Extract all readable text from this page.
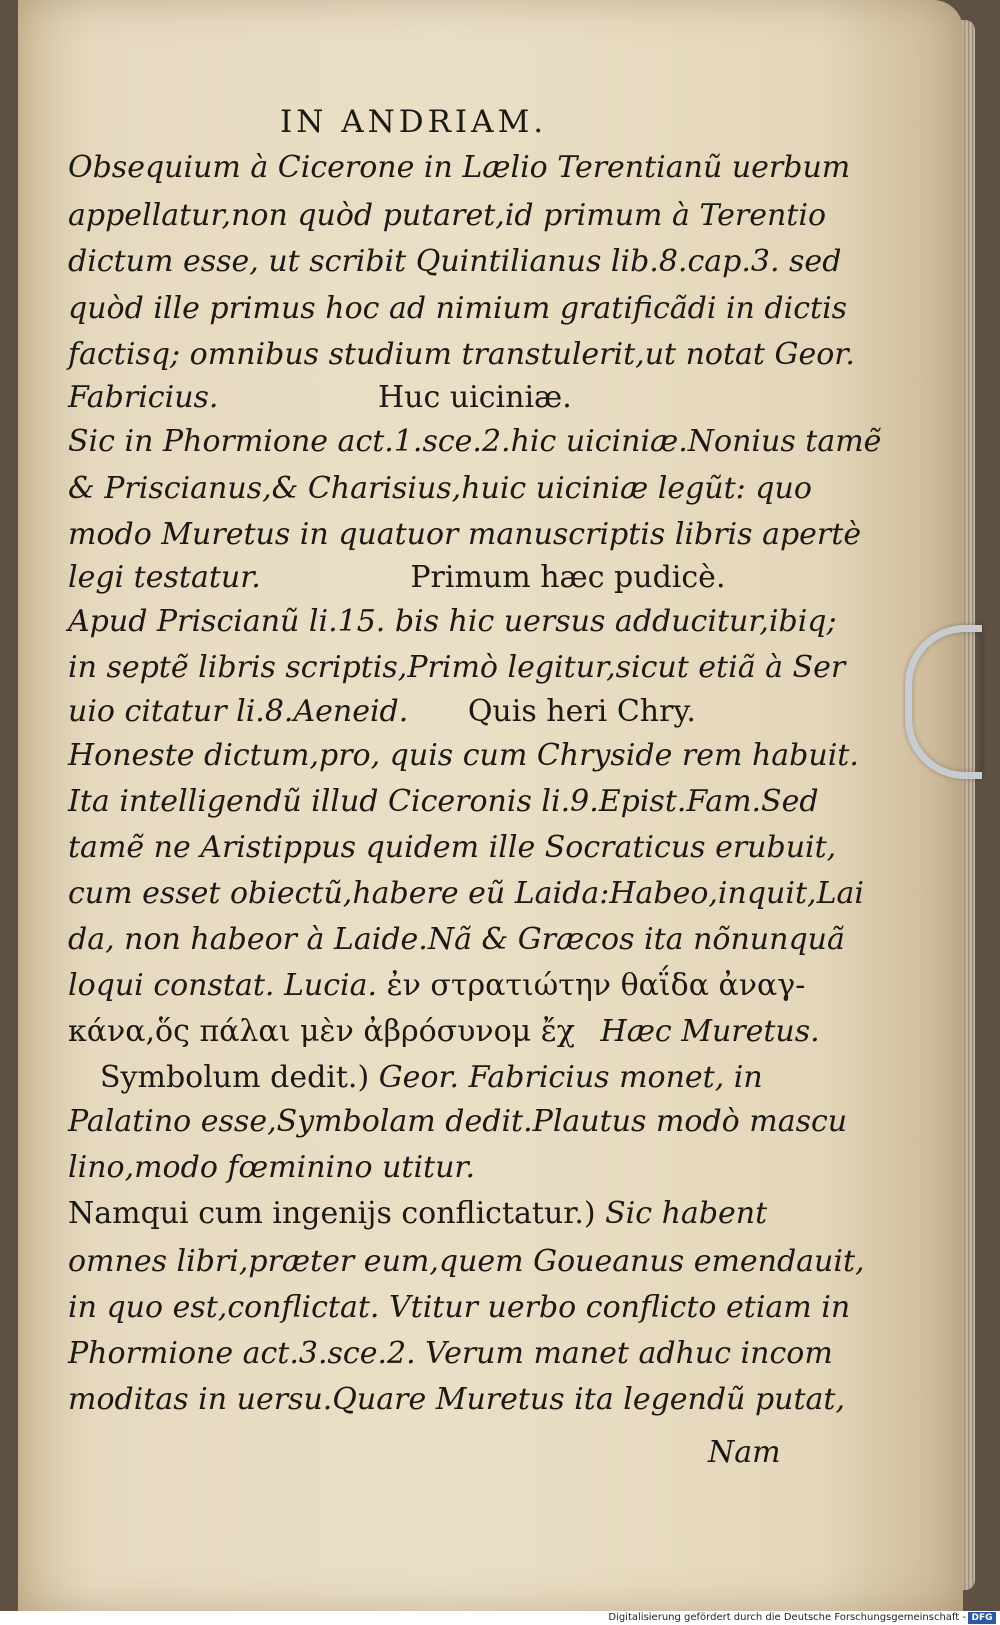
IN ANDRIAM.
Obsequium à Cicerone in Lælio Terentianũ uerbum
appellatur,non quòd putaret,id primum à Terentio
dictum esse, ut scribit Quintilianus lib.8.cap.3. sed
quòd ille primus hoc ad nimium gratificãdi in dictis
factisq; omnibus studium transtulerit,ut notat Geor.
Fabricius.	Huc uiciniæ.
Sic in Phormione act.1.sce.2.hic uiciniæ.Nonius tamẽ
& Priscianus,& Charisius,huic uiciniæ legũt: quo
modo Muretus in quatuor manuscriptis libris apertè
legi testatur.	Primum hæc pudicè.
Apud Priscianũ li.15. bis hic uersus adducitur,ibiq;
in septẽ libris scriptis,Primò legitur,sicut etiã à Ser
uio citatur li.8.Aeneid. Quis heri Chry.
Honeste dictum,pro, quis cum Chryside rem habuit.
Ita intelligendũ illud Ciceronis li.9.Epist.Fam.Sed
tamẽ ne Aristippus quidem ille Socraticus erubuit,
cum esset obiectũ,habere eũ Laida:Habeo,inquit,Lai
da, non habeor à Laide.Nã & Græcos ita nõnunquã
loqui constat. Lucia. ἐν στρατιώτην θαΐδα ἀναγ-
κάνα,ὅς πάλαι μὲν ἀβρόσυνομ ἔχ Hæc Muretus.
Symbolum dedit.) Geor. Fabricius monet, in
Palatino esse,Symbolam dedit.Plautus modò mascu
lino,modo fœminino utitur.
Namqui cum ingenijs conflictatur.) Sic habent
omnes libri,præter eum,quem Goueanus emendauit,
in quo est,conflictat. Vtitur uerbo conflicto etiam in
Phormione act.3.sce.2. Verum manet adhuc incom
moditas in uersu.Quare Muretus ita legendũ putat,
Nam
Digitalisierung gefördert durch die Deutsche Forschungsgemeinschaft - DFG
